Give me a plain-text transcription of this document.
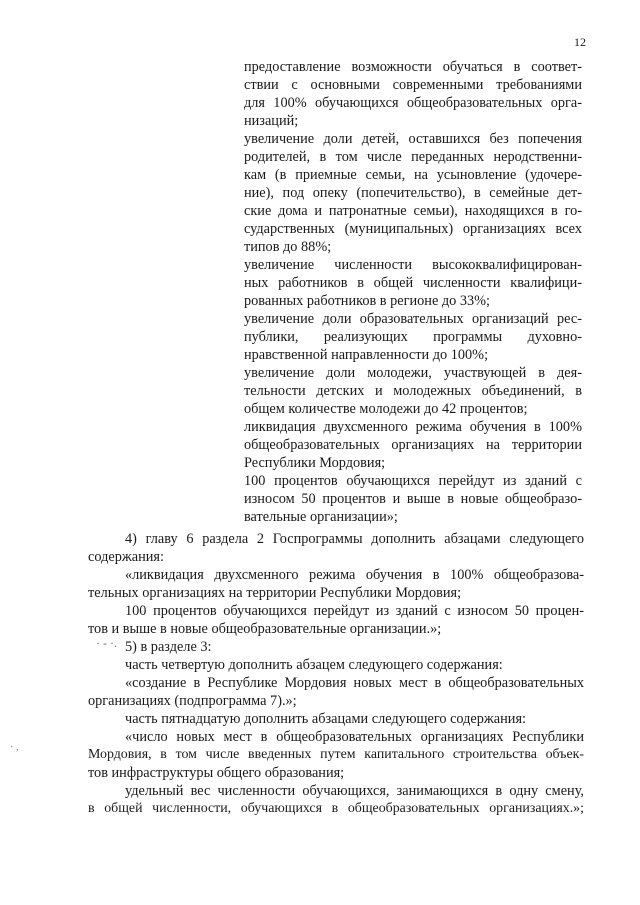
12
предоставление возможности обучаться в соответ-
ствии с основными современными требованиями
для 100% обучающихся общеобразовательных орга-
низаций;
увеличение доли детей, оставшихся без попечения
родителей, в том числе переданных неродственни-
кам (в приемные семьи, на усыновление (удочере-
ние), под опеку (попечительство), в семейные дет-
ские дома и патронатные семьи), находящихся в го-
сударственных (муниципальных) организациях всех
типов до 88%;
увеличение численности высококвалифицирован-
ных работников в общей численности квалифици-
рованных работников в регионе до 33%;
увеличение доли образовательных организаций рес-
публики, реализующих программы духовно-
нравственной направленности до 100%;
увеличение доли молодежи, участвующей в дея-
тельности детских и молодежных объединений, в
общем количестве молодежи до 42 процентов;
ликвидация двухсменного режима обучения в 100%
общеобразовательных организациях на территории
Республики Мордовия;
100 процентов обучающихся перейдут из зданий с
износом 50 процентов и выше в новые общеобразо-
вательные организации»;
4) главу 6 раздела 2 Госпрограммы дополнить абзацами следующего
содержания:
«ликвидация двухсменного режима обучения в 100% общеобразова-
тельных организациях на территории Республики Мордовия;
100 процентов обучающихся перейдут из зданий с износом 50 процен-
тов и выше в новые общеобразовательные организации.»;
5) в разделе 3:
часть четвертую дополнить абзацем следующего содержания:
«создание в Республике Мордовия новых мест в общеобразовательных
организациях (подпрограмма 7).»;
часть пятнадцатую дополнить абзацами следующего содержания:
«число новых мест в общеобразовательных организациях Республики
Мордовия, в том числе введенных путем капитального строительства объек-
тов инфраструктуры общего образования;
удельный вес численности обучающихся, занимающихся в одну смену,
в общей численности, обучающихся в общеобразовательных организациях.»;
· - ·.
· ,
